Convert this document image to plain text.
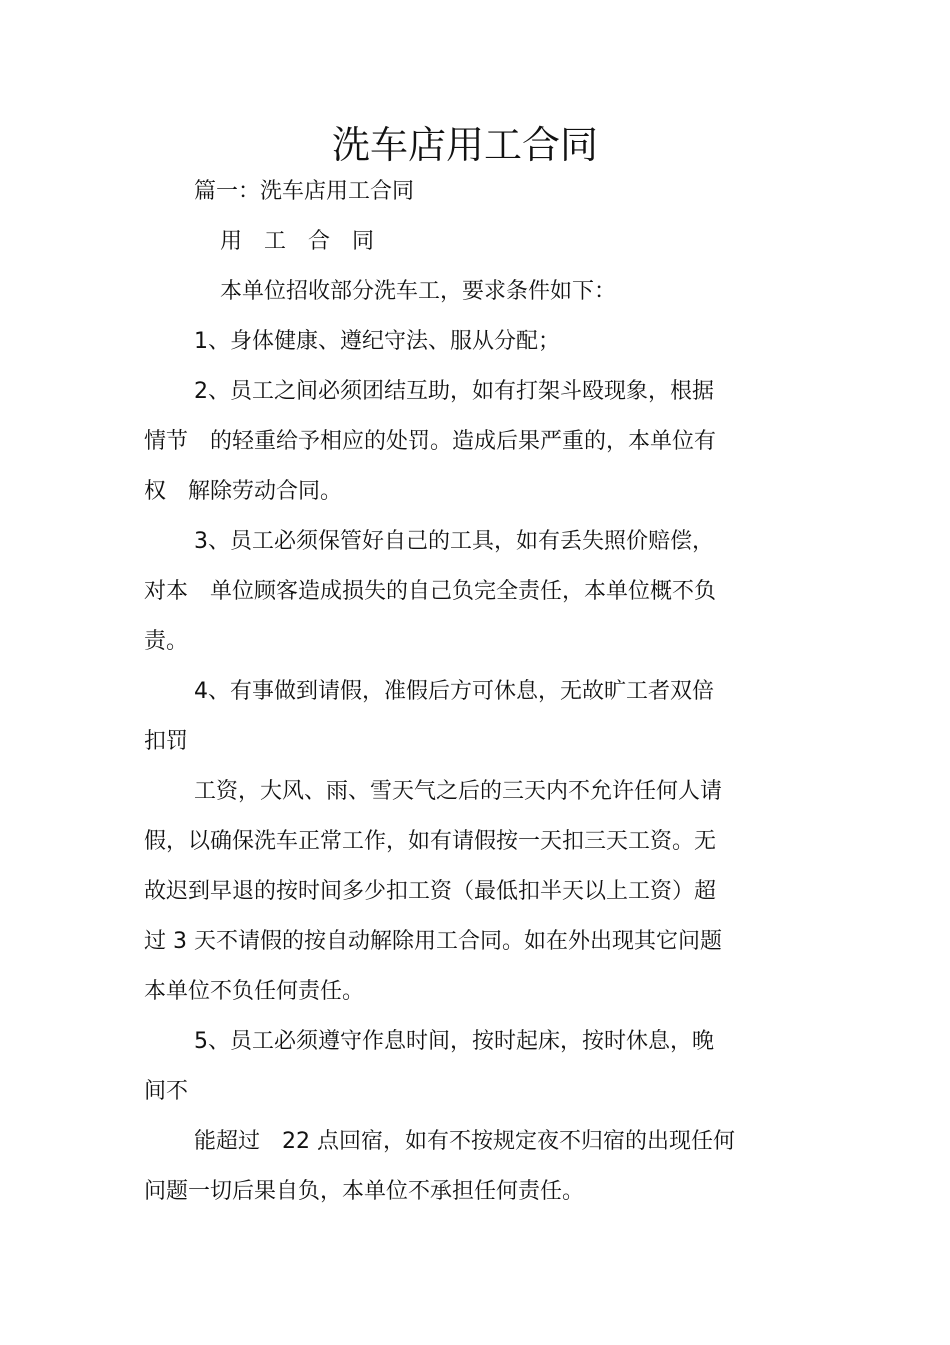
洗车店用工合同
篇一：洗车店用工合同
用　工　合　同
本单位招收部分洗车工，要求条件如下：
1、身体健康、遵纪守法、服从分配；
2、员工之间必须团结互助，如有打架斗殴现象，根据
情节　的轻重给予相应的处罚。造成后果严重的，本单位有
权　解除劳动合同。
3、员工必须保管好自己的工具，如有丢失照价赔偿，
对本　单位顾客造成损失的自己负完全责任，本单位概不负
责。
4、有事做到请假，准假后方可休息，无故旷工者双倍
扣罚
工资，大风、雨、雪天气之后的三天内不允许任何人请
假，以确保洗车正常工作，如有请假按一天扣三天工资。无
故迟到早退的按时间多少扣工资（最低扣半天以上工资）超
过 3 天不请假的按自动解除用工合同。如在外出现其它问题
本单位不负任何责任。
5、员工必须遵守作息时间，按时起床，按时休息，晚
间不
能超过　22 点回宿，如有不按规定夜不归宿的出现任何
问题一切后果自负，本单位不承担任何责任。
